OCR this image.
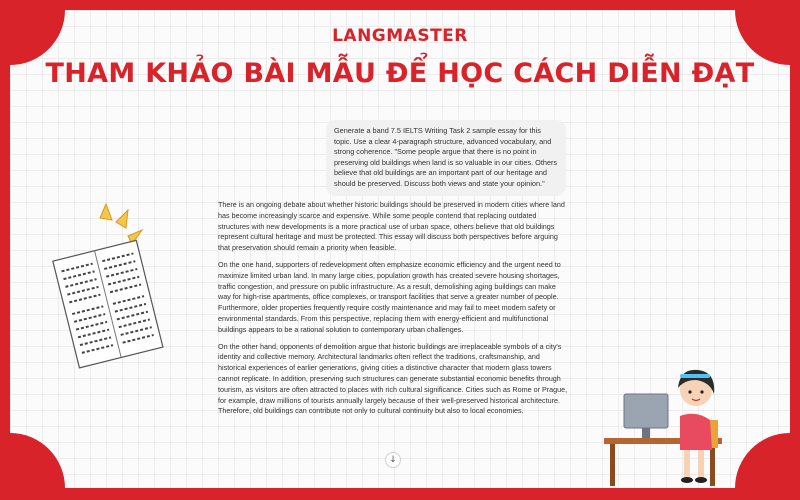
LANGMASTER
THAM KHẢO BÀI MẪU ĐỂ HỌC CÁCH DIỄN ĐẠT
Generate a band 7.5 IELTS Writing Task 2 sample essay for this topic. Use a clear 4-paragraph structure, advanced vocabulary, and strong coherence. "Some people argue that there is no point in preserving old buildings when land is so valuable in our cities. Others believe that old buildings are an important part of our heritage and should be preserved. Discuss both views and state your opinion."

There is an ongoing debate about whether historic buildings should be preserved in modern cities where land has become increasingly scarce and expensive. While some people contend that replacing outdated structures with new developments is a more practical use of urban space, others believe that old buildings represent cultural heritage and must be protected. This essay will discuss both perspectives before arguing that preservation should remain a priority when feasible.

On the one hand, supporters of redevelopment often emphasize economic efficiency and the urgent need to maximize limited urban land. In many large cities, population growth has created severe housing shortages, traffic congestion, and pressure on public infrastructure. As a result, demolishing aging buildings can make way for high-rise apartments, office complexes, or transport facilities that serve a greater number of people. Furthermore, older properties frequently require costly maintenance and may fail to meet modern safety or environmental standards. From this perspective, replacing them with energy-efficient and multifunctional buildings appears to be a rational solution to contemporary urban challenges.

On the other hand, opponents of demolition argue that historic buildings are irreplaceable symbols of a city's identity and collective memory. Architectural landmarks often reflect the traditions, craftsmanship, and historical experiences of earlier generations, giving cities a distinctive character that modern glass towers cannot replicate. In addition, preserving such structures can generate substantial economic benefits through tourism, as visitors are often attracted to places with rich cultural significance. Cities such as Rome or Prague, for example, draw millions of tourists annually largely because of their well-preserved historical architecture. Therefore, old buildings can contribute not only to cultural continuity but also to local economies.

↓
